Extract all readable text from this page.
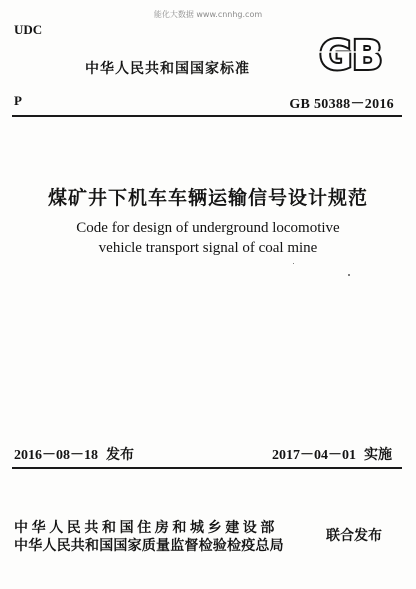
能化大数据 www.cnnhg.com
UDC
中华人民共和国国家标准 GB
P	GB 50388－2016
煤矿井下机车车辆运输信号设计规范
Code for design of underground locomotive
vehicle transport signal of coal mine
2016－08－18 发布	2017－04－01 实施
中华人民共和国住房和城乡建设部
中华人民共和国国家质量监督检验检疫总局
联合发布
